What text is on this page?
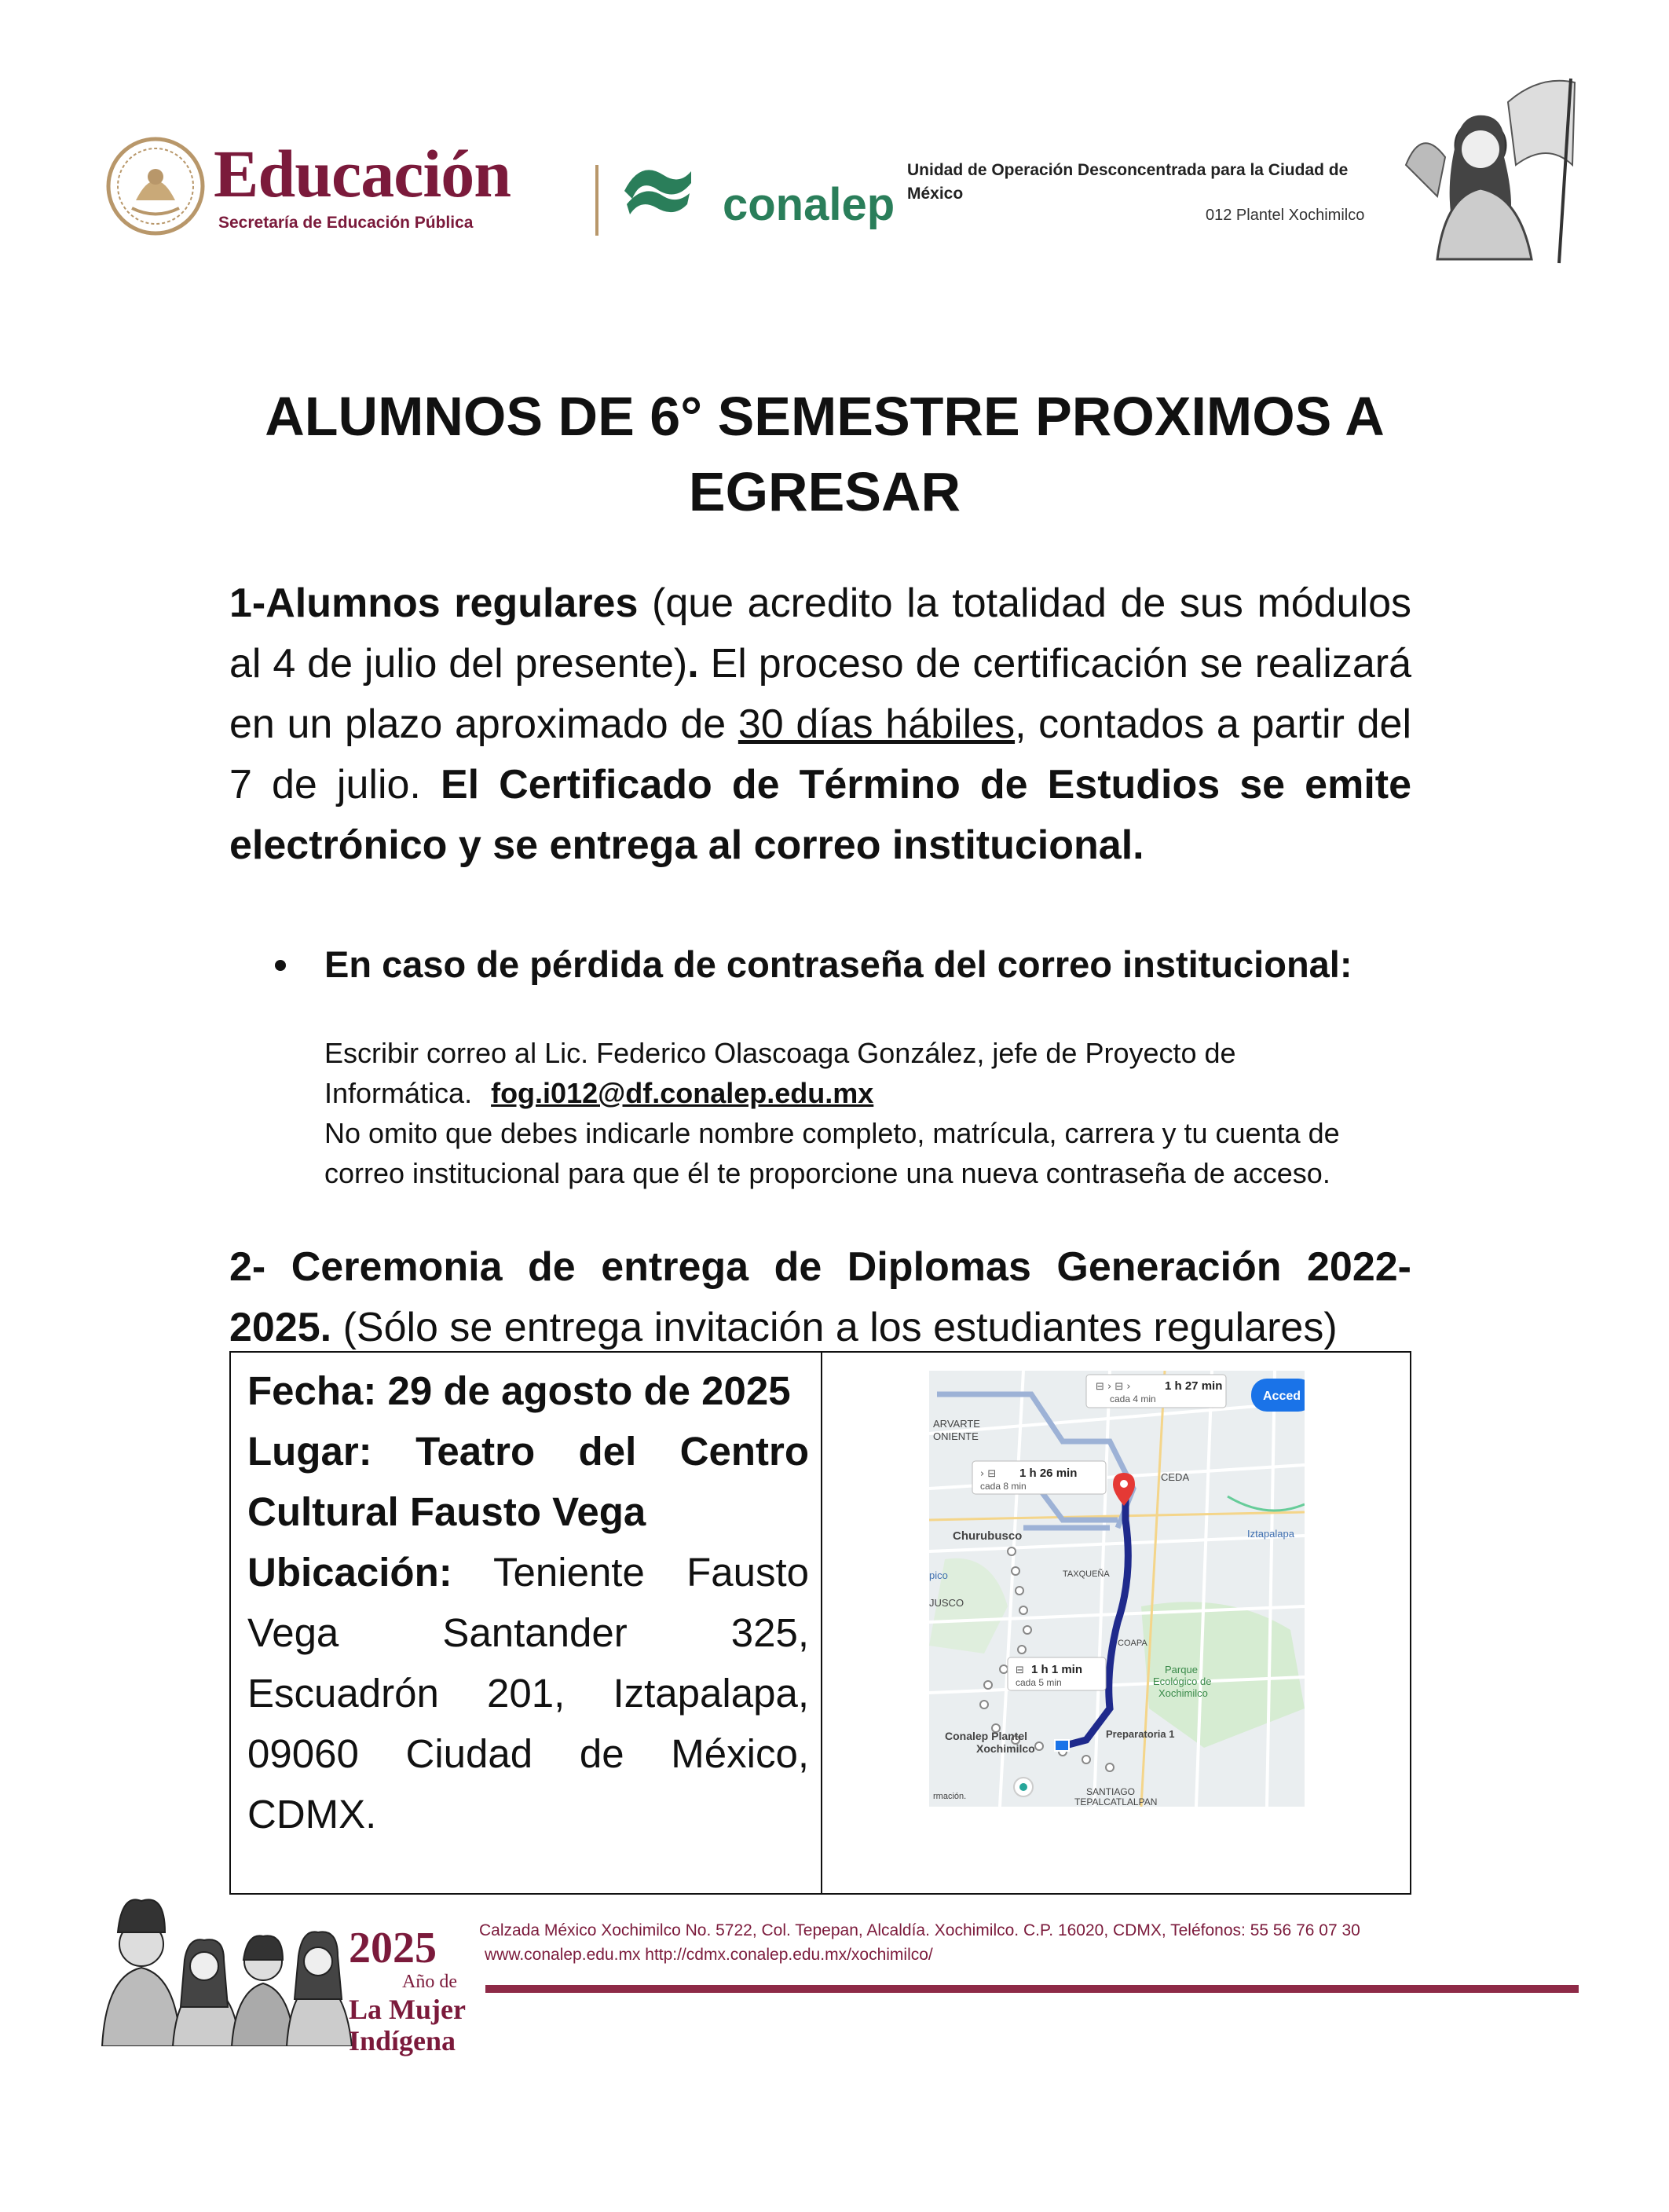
Educación
Secretaría de Educación Pública	conalep
Unidad de Operación Desconcentrada para la Ciudad de México
012 Plantel Xochimilco
ALUMNOS DE 6° SEMESTRE PROXIMOS A
EGRESAR
1-Alumnos regulares (que acredito la totalidad de sus módulos al 4 de julio del presente). El proceso de certificación se realizará en un plazo aproximado de 30 días hábiles, contados a partir del 7 de julio. El Certificado de Término de Estudios se emite electrónico y se entrega al correo institucional.
En caso de pérdida de contraseña del correo institucional:
Escribir correo al Lic. Federico Olascoaga González, jefe de Proyecto de Informática. fog.i012@df.conalep.edu.mx
No omito que debes indicarle nombre completo, matrícula, carrera y tu cuenta de correo institucional para que él te proporcione una nueva contraseña de acceso.
2- Ceremonia de entrega de Diplomas Generación 2022-2025. (Sólo se entrega invitación a los estudiantes regulares)
Fecha: 29 de agosto de 2025
Lugar: Teatro del Centro Cultural Fausto Vega
Ubicación: Teniente Fausto Vega Santander 325, Escuadrón 201, Iztapalapa, 09060 Ciudad de México, CDMX.
1 h 27 min
cada 4 min
⊟ › ⊟ ›
1 h 26 min
cada 8 min
› ⊟
1 h 1 min
cada 5 min
⊟
Acced
ARVARTE
ONIENTE
Churubusco
CEDA
Iztapalapa
TAXQUEÑA
pico
JUSCO
COAPA
Parque
Ecológico de
Xochimilco
Preparatoria 1
Conalep Plantel
Xochimilco
SANTIAGO
TEPALCATLALPAN
rmación.
2025
Año de
La Mujer
Indígena
Calzada México Xochimilco No. 5722, Col. Tepepan, Alcaldía. Xochimilco. C.P. 16020, CDMX, Teléfonos: 55 56 76 07 30
www.conalep.edu.mx http://cdmx.conalep.edu.mx/xochimilco/
